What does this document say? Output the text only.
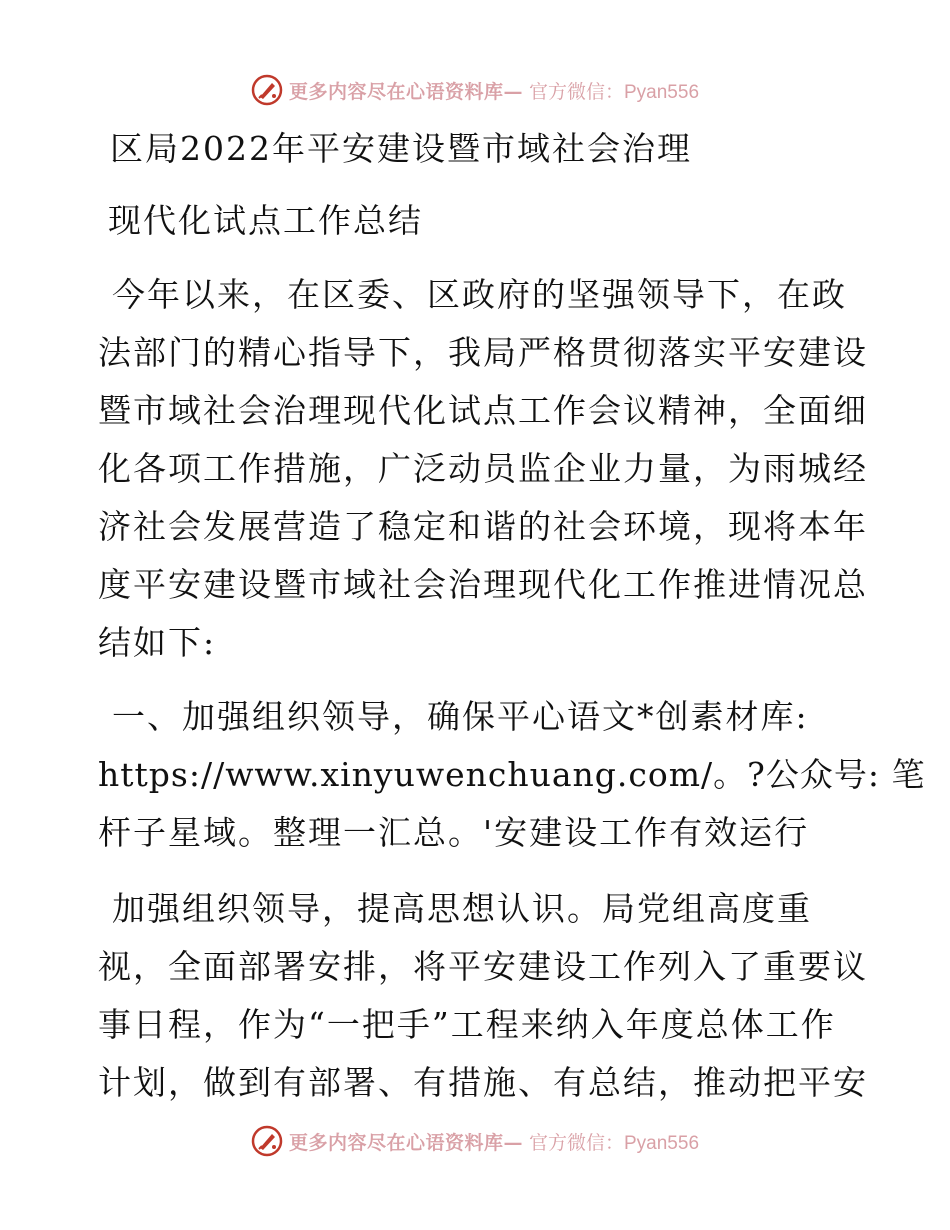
更多内容尽在心语资料库— 官方微信：Pyan556
区局2022年平安建设暨市域社会治理
现代化试点工作总结

今年以来，在区委、区政府的坚强领导下，在政
法部门的精心指导下，我局严格贯彻落实平安建设
暨市域社会治理现代化试点工作会议精神，全面细
化各项工作措施，广泛动员监企业力量，为雨城经
济社会发展营造了稳定和谐的社会环境，现将本年
度平安建设暨市域社会治理现代化工作推进情况总
结如下:

一、加强组织领导，确保平心语文*创素材库:
https://www.xinyuwenchuang.com/。?公众号: 笔
杆子星域。整理一汇总。'安建设工作有效运行

加强组织领导，提高思想认识。局党组高度重
视，全面部署安排，将平安建设工作列入了重要议
事日程，作为“一把手”工程来纳入年度总体工作
计划，做到有部署、有措施、有总结，推动把平安

更多内容尽在心语资料库— 官方微信：Pyan556
